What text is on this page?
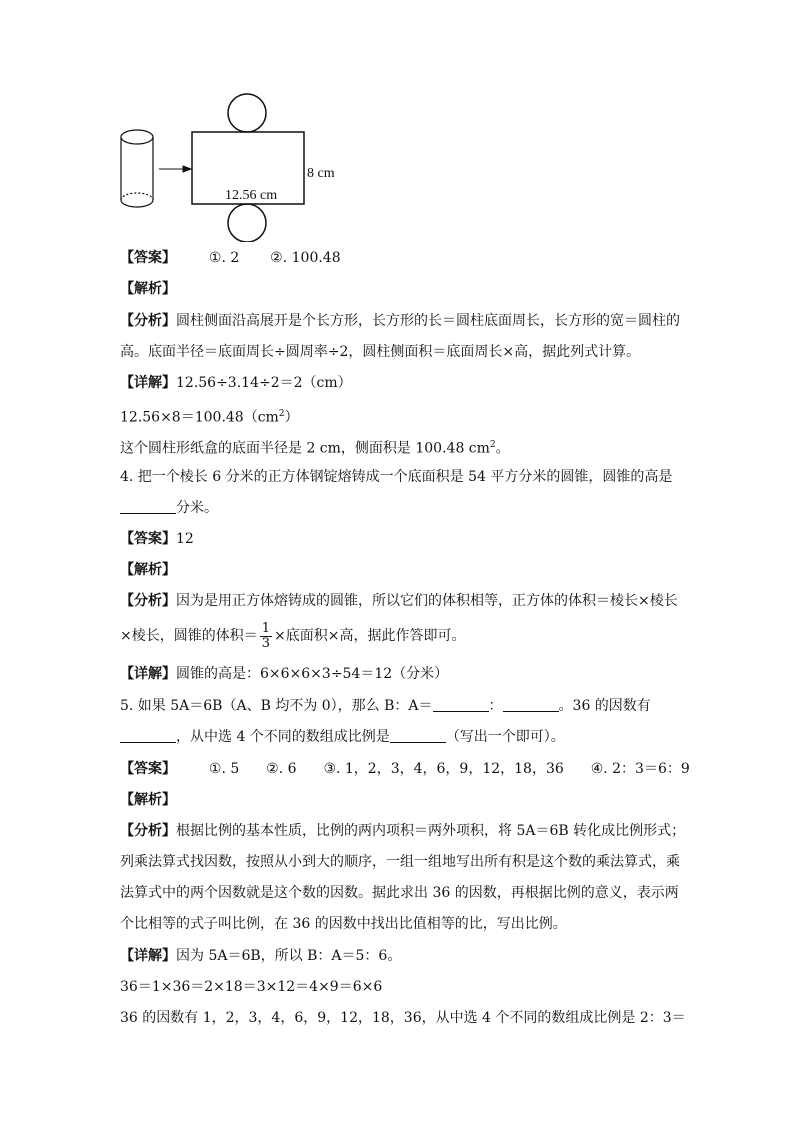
8 cm
12.56 cm
【答案】 ①. 2 ②. 100.48
【解析】
【分析】圆柱侧面沿高展开是个长方形，长方形的长＝圆柱底面周长，长方形的宽＝圆柱的
高。底面半径＝底面周长÷圆周率÷2，圆柱侧面积＝底面周长×高，据此列式计算。
【详解】12.56÷3.14÷2＝2（cm）
$12.56\times 8=100.48(cm^2)$
这个圆柱形纸盒的底面半径是 2 cm，侧面积是 100.48 $cm^2$。
4. 把一个棱长 6 分米的正方体钢锭熔铸成一个底面积是 54 平方分米的圆锥，圆锥的高是
分米。
【答案】12
【解析】
【分析】因为是用正方体熔铸成的圆锥，所以它们的体积相等，正方体的体积＝棱长×棱长
×棱长，圆锥的体积＝ $\frac{1}{3}$ ×底面积×高，据此作答即可。
【详解】圆锥的高是：6×6×6×3÷54＝12（分米）
5. 如果 5A＝6B（A、B 均不为 0），那么 B：A＝	：	。36 的因数有
，从中选 4 个不同的数组成比例是	（写出一个即可）。
【答案】 ①. 5 ②. 6 ③. 1，2，3，4，6，9，12，18，36 ④. 2：3＝6：9
【解析】
【分析】根据比例的基本性质，比例的两内项积＝两外项积，将 5A＝6B 转化成比例形式；
列乘法算式找因数，按照从小到大的顺序，一组一组地写出所有积是这个数的乘法算式，乘
法算式中的两个因数就是这个数的因数。据此求出 36 的因数，再根据比例的意义，表示两
个比相等的式子叫比例，在 36 的因数中找出比值相等的比，写出比例。
【详解】因为 5A＝6B，所以 B：A＝5：6。
36＝1×36＝2×18＝3×12＝4×9＝6×6
36 的因数有 1，2，3，4，6，9，12，18，36，从中选 4 个不同的数组成比例是 2：3＝
